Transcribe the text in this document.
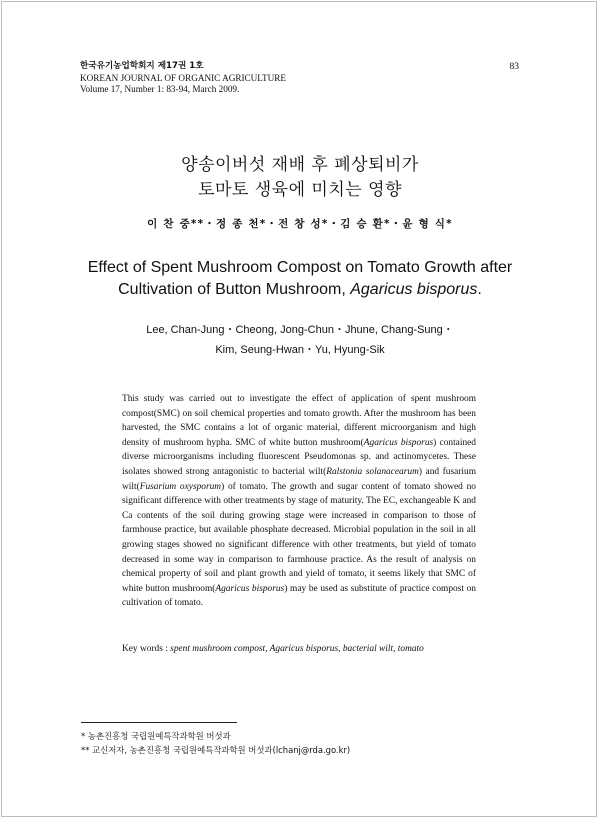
한국유기농업학회지 제17권 1호
KOREAN JOURNAL OF ORGANIC AGRICULTURE
Volume 17, Number 1: 83-94, March 2009.
83
양송이버섯 재배 후 폐상퇴비가
토마토 생육에 미치는 영향
이 찬 중**・정 종 천*・전 창 성*・김 승 환*・윤 형 식*
Effect of Spent Mushroom Compost on Tomato Growth after
Cultivation of Button Mushroom, Agaricus bisporus.
Lee, Chan-Jung・Cheong, Jong-Chun・Jhune, Chang-Sung・
Kim, Seung-Hwan・Yu, Hyung-Sik
This study was carried out to investigate the effect of application of spent mushroom compost(SMC) on soil chemical properties and tomato growth. After the mushroom has been harvested, the SMC contains a lot of organic material, different microorganism and high density of mushroom hypha. SMC of white button mushroom(Agaricus bisporus) contained diverse microorganisms including fluorescent Pseudomonas sp. and actinomycetes. These isolates showed strong antagonistic to bacterial wilt(Ralstonia solanacearum) and fusarium wilt(Fusarium oxysporum) of tomato. The growth and sugar content of tomato showed no significant difference with other treatments by stage of maturity. The EC, exchangeable K and Ca contents of the soil during growing stage were increased in comparison to those of farmhouse practice, but available phosphate decreased. Microbial population in the soil in all growing stages showed no significant difference with other treatments, but yield of tomato decreased in some way in comparison to farmhouse practice. As the result of analysis on chemical property of soil and plant growth and yield of tomato, it seems likely that SMC of white button mushroom(Agaricus bisporus) may be used as substitute of practice compost on cultivation of tomato.
Key words : spent mushroom compost, Agaricus bisporus, bacterial wilt, tomato
* 농촌진흥청 국립원예특작과학원 버섯과
** 교신저자, 농촌진흥청 국립원예특작과학원 버섯과(lchanj@rda.go.kr)
